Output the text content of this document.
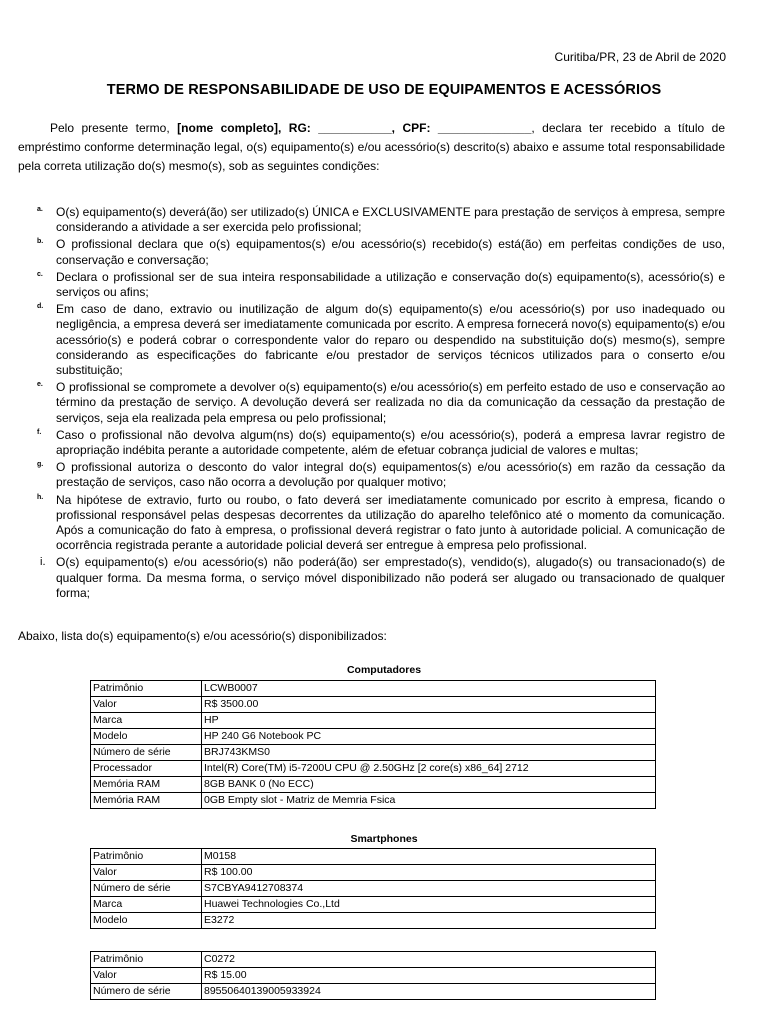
Curitiba/PR, 23 de Abril de 2020
TERMO DE RESPONSABILIDADE DE USO DE EQUIPAMENTOS E ACESSÓRIOS

Pelo presente termo, [nome completo], RG: ___________, CPF: ______________, declara ter recebido a título de empréstimo conforme determinação legal, o(s) equipamento(s) e/ou acessório(s) descrito(s) abaixo e assume total responsabilidade pela correta utilização do(s) mesmo(s), sob as seguintes condições:

a. O(s) equipamento(s) deverá(ão) ser utilizado(s) ÚNICA e EXCLUSIVAMENTE para prestação de serviços à empresa, sempre considerando a atividade a ser exercida pelo profissional;
b. O profissional declara que o(s) equipamentos(s) e/ou acessório(s) recebido(s) está(ão) em perfeitas condições de uso, conservação e conversação;
c. Declara o profissional ser de sua inteira responsabilidade a utilização e conservação do(s) equipamento(s), acessório(s) e serviços ou afins;
d. Em caso de dano, extravio ou inutilização de algum do(s) equipamento(s) e/ou acessório(s) por uso inadequado ou negligência, a empresa deverá ser imediatamente comunicada por escrito. A empresa fornecerá novo(s) equipamento(s) e/ou acessório(s) e poderá cobrar o correspondente valor do reparo ou despendido na substituição do(s) mesmo(s), sempre considerando as especificações do fabricante e/ou prestador de serviços técnicos utilizados para o conserto e/ou substituição;
e. O profissional se compromete a devolver o(s) equipamento(s) e/ou acessório(s) em perfeito estado de uso e conservação ao término da prestação de serviço. A devolução deverá ser realizada no dia da comunicação da cessação da prestação de serviços, seja ela realizada pela empresa ou pelo profissional;
f. Caso o profissional não devolva algum(ns) do(s) equipamento(s) e/ou acessório(s), poderá a empresa lavrar registro de apropriação indébita perante a autoridade competente, além de efetuar cobrança judicial de valores e multas;
g. O profissional autoriza o desconto do valor integral do(s) equipamentos(s) e/ou acessório(s) em razão da cessação da prestação de serviços, caso não ocorra a devolução por qualquer motivo;
h. Na hipótese de extravio, furto ou roubo, o fato deverá ser imediatamente comunicado por escrito à empresa, ficando o profissional responsável pelas despesas decorrentes da utilização do aparelho telefônico até o momento da comunicação. Após a comunicação do fato à empresa, o profissional deverá registrar o fato junto à autoridade policial. A comunicação de ocorrência registrada perante a autoridade policial deverá ser entregue à empresa pelo profissional.
i. O(s) equipamento(s) e/ou acessório(s) não poderá(ão) ser emprestado(s), vendido(s), alugado(s) ou transacionado(s) de qualquer forma. Da mesma forma, o serviço móvel disponibilizado não poderá ser alugado ou transacionado de qualquer forma;
Abaixo, lista do(s) equipamento(s) e/ou acessório(s) disponibilizados:
Computadores
Patrimônio	LCWB0007
Valor	R$ 3500.00
Marca	HP
Modelo	HP 240 G6 Notebook PC
Número de série	BRJ743KMS0
Processador	Intel(R) Core(TM) i5-7200U CPU @ 2.50GHz [2 core(s) x86_64] 2712
Memória RAM	8GB BANK 0 (No ECC)
Memória RAM	0GB Empty slot - Matriz de Memria Fsica
Smartphones
Patrimônio	M0158
Valor	R$ 100.00
Número de série	S7CBYA9412708374
Marca	Huawei Technologies Co.,Ltd
Modelo	E3272
Patrimônio	C0272
Valor	R$ 15.00
Número de série	89550640139005933924
